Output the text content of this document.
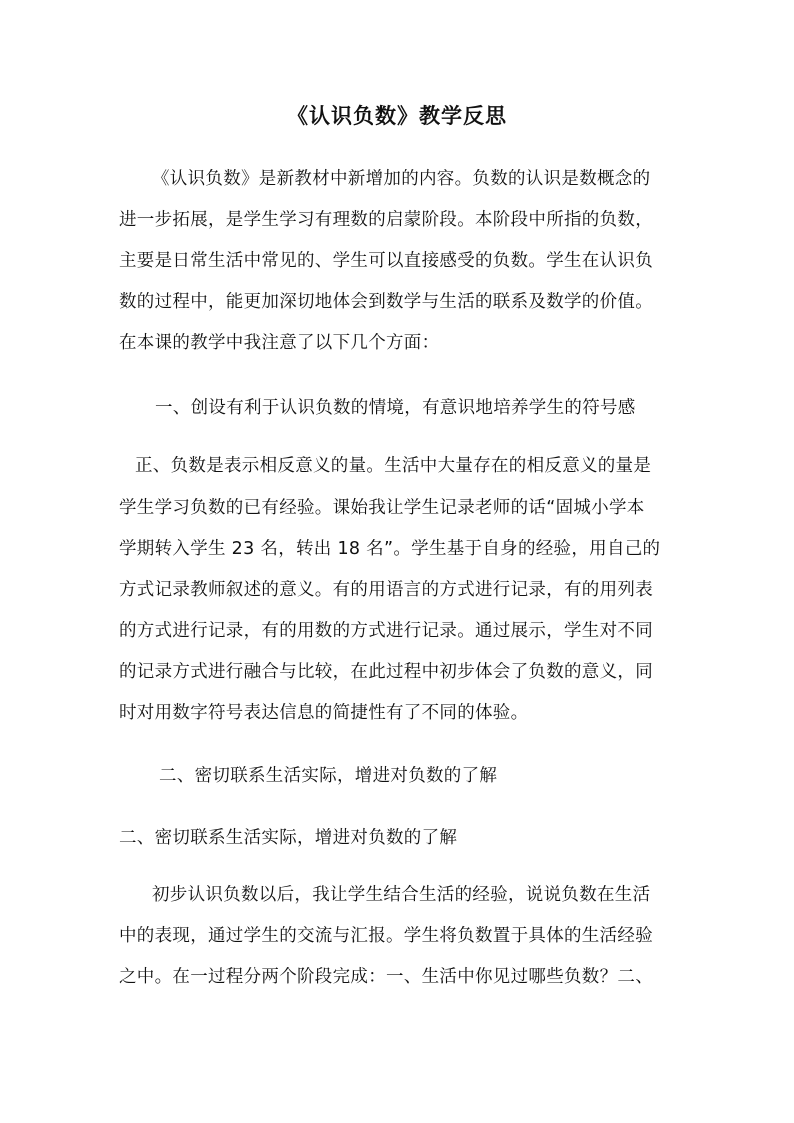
《认识负数》教学反思
《认识负数》是新教材中新增加的内容。负数的认识是数概念的
进一步拓展，是学生学习有理数的启蒙阶段。本阶段中所指的负数，
主要是日常生活中常见的、学生可以直接感受的负数。学生在认识负
数的过程中，能更加深切地体会到数学与生活的联系及数学的价值。
在本课的教学中我注意了以下几个方面：
一、创设有利于认识负数的情境，有意识地培养学生的符号感
正、负数是表示相反意义的量。生活中大量存在的相反意义的量是
学生学习负数的已有经验。课始我让学生记录老师的话“固城小学本
学期转入学生 23 名，转出 18 名”。学生基于自身的经验，用自己的
方式记录教师叙述的意义。有的用语言的方式进行记录，有的用列表
的方式进行记录，有的用数的方式进行记录。通过展示，学生对不同
的记录方式进行融合与比较，在此过程中初步体会了负数的意义，同
时对用数字符号表达信息的简捷性有了不同的体验。
二、密切联系生活实际，增进对负数的了解
二、密切联系生活实际，增进对负数的了解
初步认识负数以后，我让学生结合生活的经验，说说负数在生活
中的表现，通过学生的交流与汇报。学生将负数置于具体的生活经验
之中。在一过程分两个阶段完成：一、生活中你见过哪些负数？二、
